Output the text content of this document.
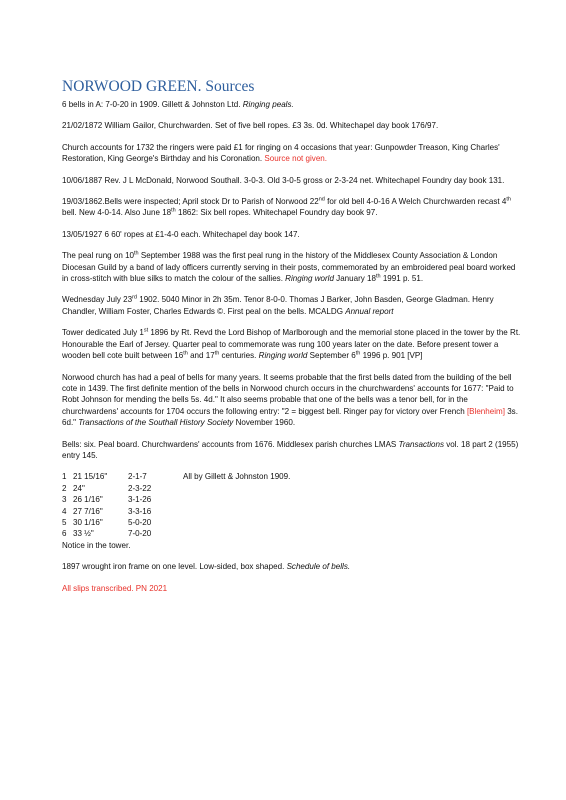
NORWOOD GREEN. Sources

6 bells in A: 7-0-20 in 1909. Gillett & Johnston Ltd. Ringing peals.

21/02/1872 William Gailor, Churchwarden. Set of five bell ropes. £3 3s. 0d. Whitechapel day book 176/97.

Church accounts for 1732 the ringers were paid £1 for ringing on 4 occasions that year: Gunpowder Treason, King Charles' Restoration, King George's Birthday and his Coronation. Source not given.

10/06/1887 Rev. J L McDonald, Norwood Southall. 3-0-3. Old 3-0-5 gross or 2-3-24 net. Whitechapel Foundry day book 131.

19/03/1862.Bells were inspected; April stock Dr to Parish of Norwood 22nd for old bell 4-0-16 A Welch Churchwarden recast 4th bell. New 4-0-14. Also June 18th 1862: Six bell ropes. Whitechapel Foundry day book 97.

13/05/1927 6 60' ropes at £1-4-0 each. Whitechapel day book 147.

The peal rung on 10th September 1988 was the first peal rung in the history of the Middlesex County Association & London Diocesan Guild by a band of lady officers currently serving in their posts, commemorated by an embroidered peal board worked in cross-stitch with blue silks to match the colour of the sallies. Ringing world January 18th 1991 p. 51.

Wednesday July 23rd 1902. 5040 Minor in 2h 35m. Tenor 8-0-0. Thomas J Barker, John Basden, George Gladman. Henry Chandler, William Foster, Charles Edwards ©. First peal on the bells. MCALDG Annual report

Tower dedicated July 1st 1896 by Rt. Revd the Lord Bishop of Marlborough and the memorial stone placed in the tower by the Rt. Honourable the Earl of Jersey. Quarter peal to commemorate was rung 100 years later on the date. Before present tower a wooden bell cote built between 16th and 17th centuries. Ringing world September 6th 1996 p. 901 [VP]

Norwood church has had a peal of bells for many years. It seems probable that the first bells dated from the building of the bell cote in 1439. The first definite mention of the bells in Norwood church occurs in the churchwardens' accounts for 1677: "Paid to Robt Johnson for mending the bells 5s. 4d." It also seems probable that one of the bells was a tenor bell, for in the churchwardens' accounts for 1704 occurs the following entry: "2 = biggest bell. Ringer pay for victory over French [Blenheim] 3s. 6d." Transactions of the Southall History Society November 1960.

Bells: six. Peal board. Churchwardens' accounts from 1676. Middlesex parish churches LMAS Transactions vol. 18 part 2 (1955) entry 145.

1 21 15/16"	2-1-7	All by Gillett & Johnston 1909.
2 24"	2-3-22
3 26 1/16"	3-1-26
4 27 7/16"	3-3-16
5 30 1/16"	5-0-20
6 33 ½"	7-0-20

Notice in the tower.

1897 wrought iron frame on one level. Low-sided, box shaped. Schedule of bells.

All slips transcribed. PN 2021
